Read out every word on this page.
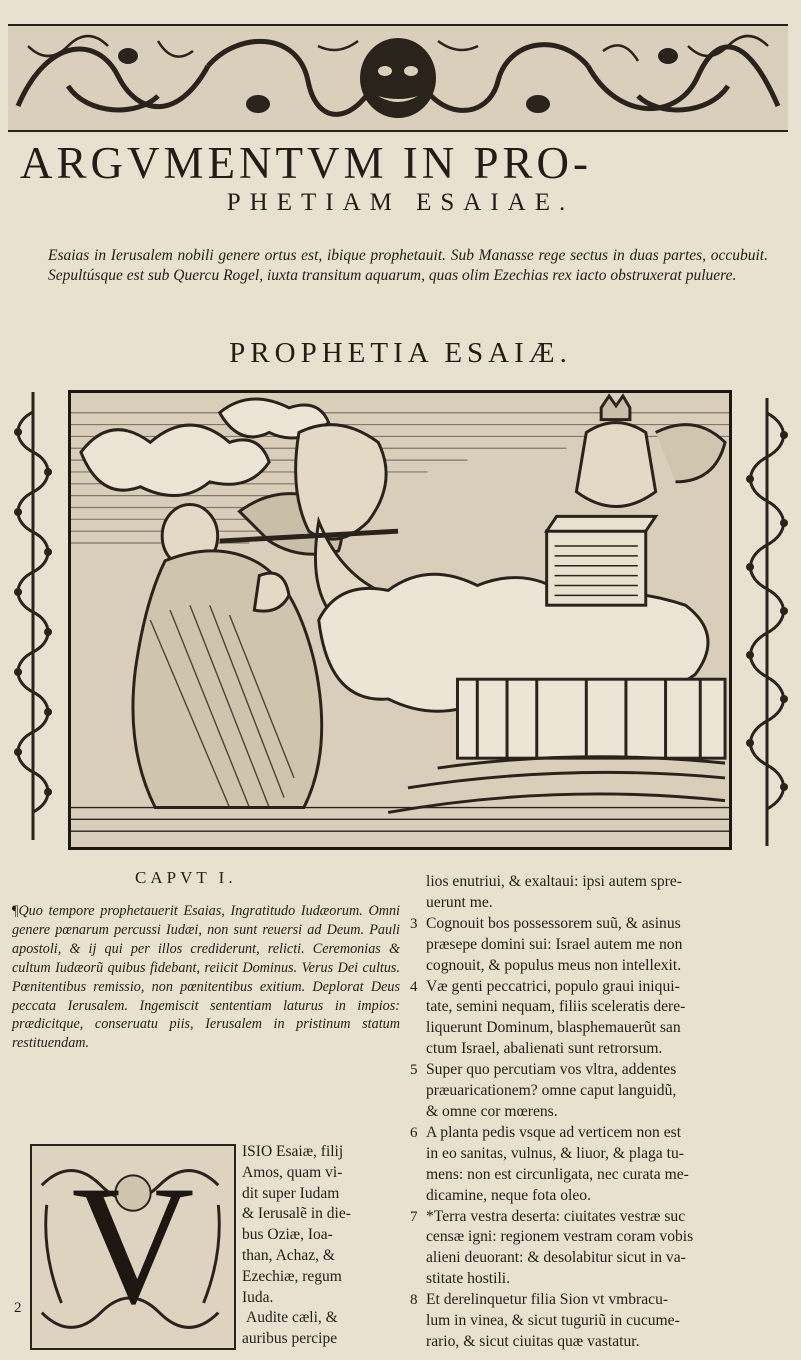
ARGVMENTVM IN PRO-
PHETIAM ESAIAE.
Esaias in Ierusalem nobili genere ortus est, ibique prophetauit. Sub Manasse rege sectus in duas partes, occubuit. Sepultúsque est sub Quercu Rogel, iuxta transitum aquarum, quas olim Ezechias rex iacto obstruxerat puluere.
PROPHETIA ESAIÆ.
CAPVT I.
¶Quo tempore prophetauerit Esaias, Ingratitudo Iudæorum. Omni genere pœnarum percussi Iudæi, non sunt reuersi ad Deum. Pauli apostoli, & ij qui per illos crediderunt, relicti. Ceremonias & cultum Iudæorũ quibus fidebant, reiicit Dominus. Verus Dei cultus. Pœnitentibus remissio, non pœnitentibus exitium. Deplorat Deus peccata Ierusalem. Ingemiscit sententiam laturus in impios: prædicitque, conseruatu piis, Ierusalem in pristinum statum restituendam.
V
2
ISIO Esaiæ, filij
Amos, quam vi-
dit super Iudam
& Ierusalẽ in die-
bus Oziæ, Ioa-
than, Achaz, &
Ezechiæ, regum
Iuda.
Audite cæli, &
auribus percipe
lios enutriui, & exaltaui: ipsi autem spre-
uerunt me.
3 Cognouit bos possessorem suũ, & asinus
præsepe domini sui: Israel autem me non
cognouit, & populus meus non intellexit.
4 Væ genti peccatrici, populo graui iniqui-
tate, semini nequam, filiis sceleratis dere-
liquerunt Dominum, blasphemauerũt san
ctum Israel, abalienati sunt retrorsum.
5 Super quo percutiam vos vltra, addentes
præuaricationem? omne caput languidũ,
& omne cor mœrens.
6 A planta pedis vsque ad verticem non est
in eo sanitas, vulnus, & liuor, & plaga tu-
mens: non est circunligata, nec curata me-
dicamine, neque fota oleo.
7 *Terra vestra deserta: ciuitates vestræ suc
censæ igni: regionem vestram coram vobis
alieni deuorant: & desolabitur sicut in va-
stitate hostili.
8 Et derelinquetur filia Sion vt vmbracu-
lum in vinea, & sicut tuguriũ in cucume-
rario, & sicut ciuitas quæ vastatur.
